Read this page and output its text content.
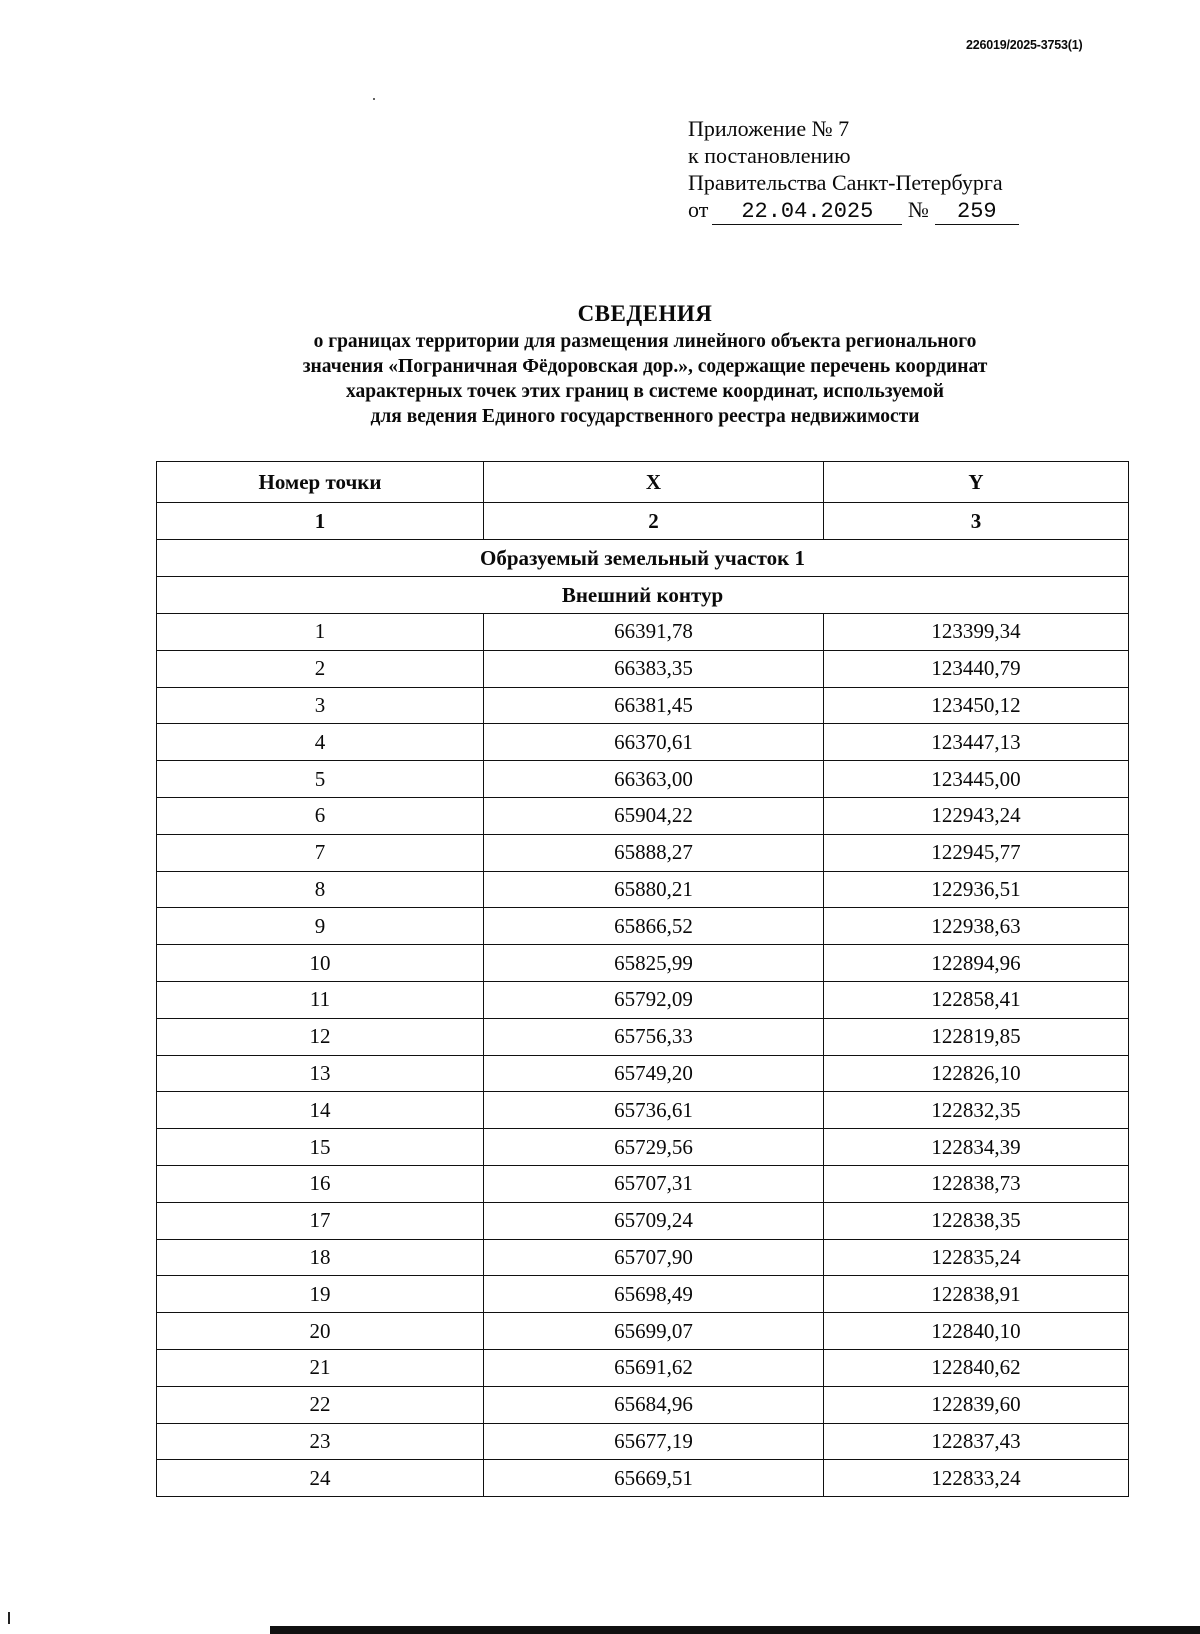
226019/2025-3753(1)
Приложение № 7
к постановлению
Правительства Санкт-Петербурга
от 22.04.2025 № 259
СВЕДЕНИЯ
о границах территории для размещения линейного объекта регионального
значения «Пограничная Фёдоровская дор.», содержащие перечень координат
характерных точек этих границ в системе координат, используемой
для ведения Единого государственного реестра недвижимости
Номер точки	X	Y
1	2	3
Образуемый земельный участок 1		
Внешний контур		
1	66391,78	123399,34
2	66383,35	123440,79
3	66381,45	123450,12
4	66370,61	123447,13
5	66363,00	123445,00
6	65904,22	122943,24
7	65888,27	122945,77
8	65880,21	122936,51
9	65866,52	122938,63
10	65825,99	122894,96
11	65792,09	122858,41
12	65756,33	122819,85
13	65749,20	122826,10
14	65736,61	122832,35
15	65729,56	122834,39
16	65707,31	122838,73
17	65709,24	122838,35
18	65707,90	122835,24
19	65698,49	122838,91
20	65699,07	122840,10
21	65691,62	122840,62
22	65684,96	122839,60
23	65677,19	122837,43
24	65669,51	122833,24
